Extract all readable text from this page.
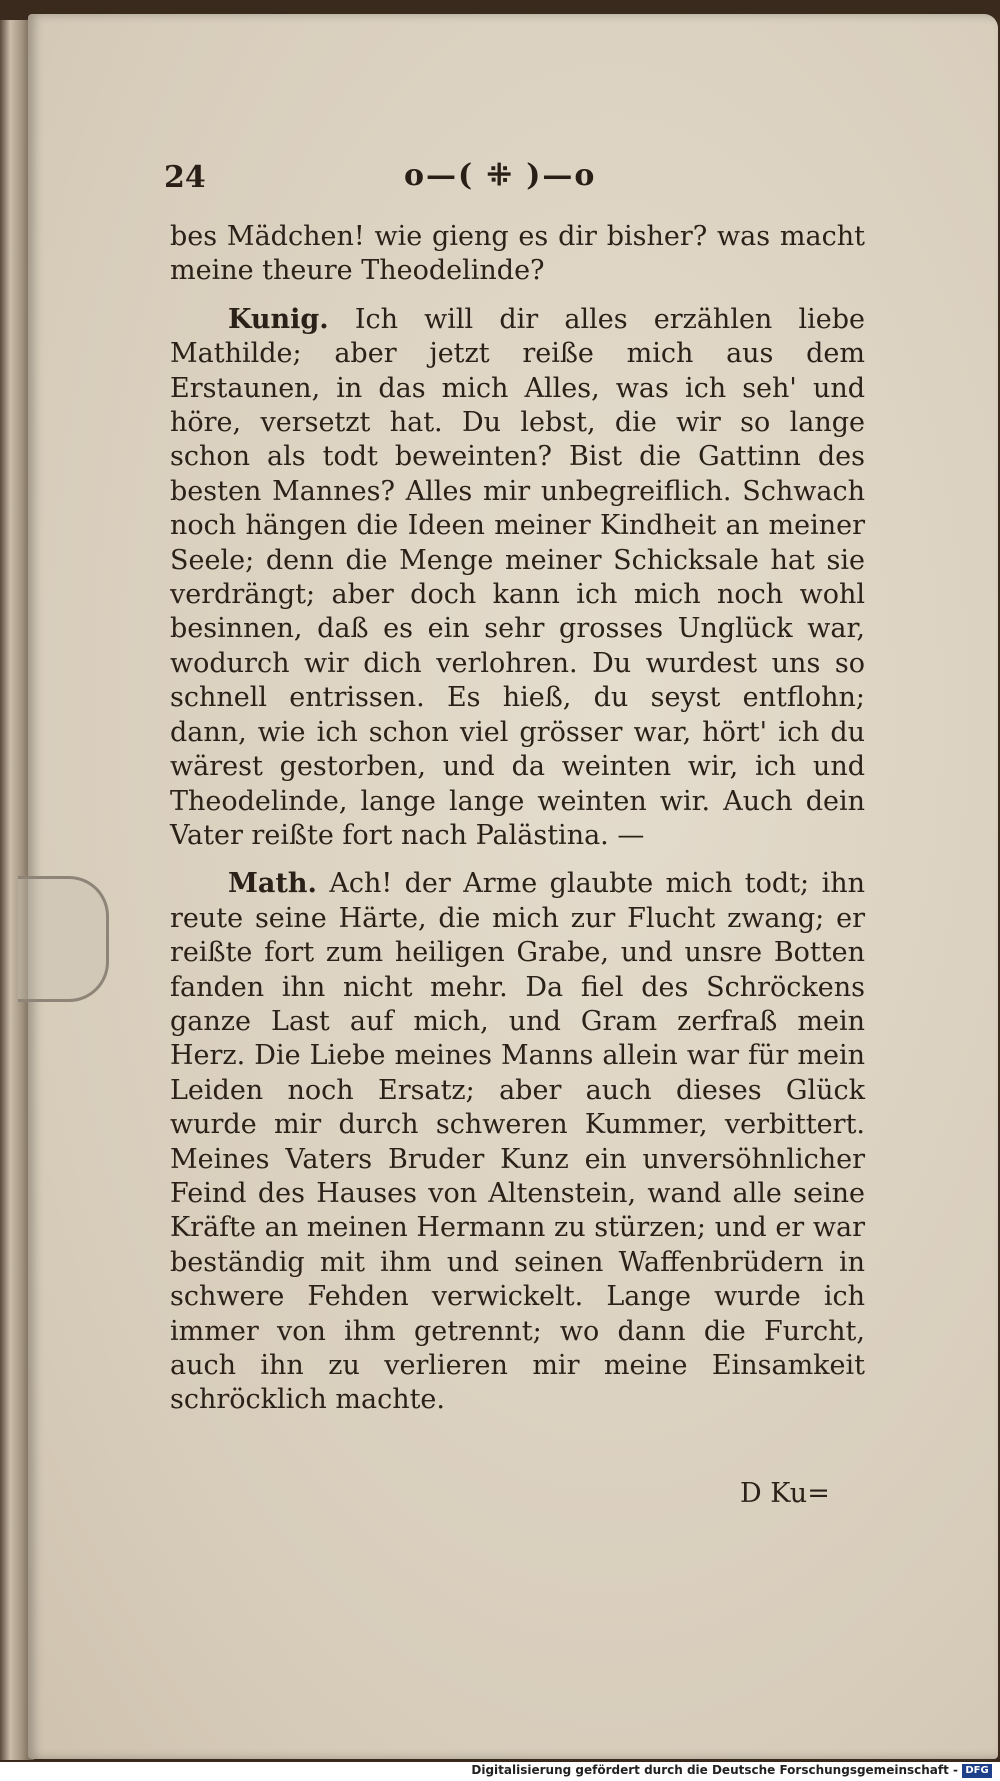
24	o—( ⁜ )—o

bes Mädchen! wie gieng es dir bisher? was macht meine theure Theodelinde?

Kunig. Ich will dir alles erzählen liebe Mathilde; aber jetzt reiße mich aus dem Erstaunen, in das mich Alles, was ich seh' und höre, versetzt hat. Du lebst, die wir so lange schon als todt beweinten? Bist die Gattinn des besten Mannes? Alles mir unbegreiflich. Schwach noch hängen die Ideen meiner Kindheit an meiner Seele; denn die Menge meiner Schicksale hat sie verdrängt; aber doch kann ich mich noch wohl besinnen, daß es ein sehr grosses Unglück war, wodurch wir dich verlohren. Du wurdest uns so schnell entrissen. Es hieß, du seyst entflohn; dann, wie ich schon viel grösser war, hört' ich du wärest gestorben, und da weinten wir, ich und Theodelinde, lange lange weinten wir. Auch dein Vater reißte fort nach Palästina. —

Math. Ach! der Arme glaubte mich todt; ihn reute seine Härte, die mich zur Flucht zwang; er reißte fort zum heiligen Grabe, und unsre Botten fanden ihn nicht mehr. Da fiel des Schröckens ganze Last auf mich, und Gram zerfraß mein Herz. Die Liebe meines Manns allein war für mein Leiden noch Ersatz; aber auch dieses Glück wurde mir durch schweren Kummer, verbittert. Meines Vaters Bruder Kunz ein unversöhnlicher Feind des Hauses von Altenstein, wand alle seine Kräfte an meinen Hermann zu stürzen; und er war beständig mit ihm und seinen Waffenbrüdern in schwere Fehden verwickelt. Lange wurde ich immer von ihm getrennt; wo dann die Furcht, auch ihn zu verlieren mir meine Einsamkeit schröcklich machte.

D Ku=
Digitalisierung gefördert durch die Deutsche Forschungsgemeinschaft - DFG
